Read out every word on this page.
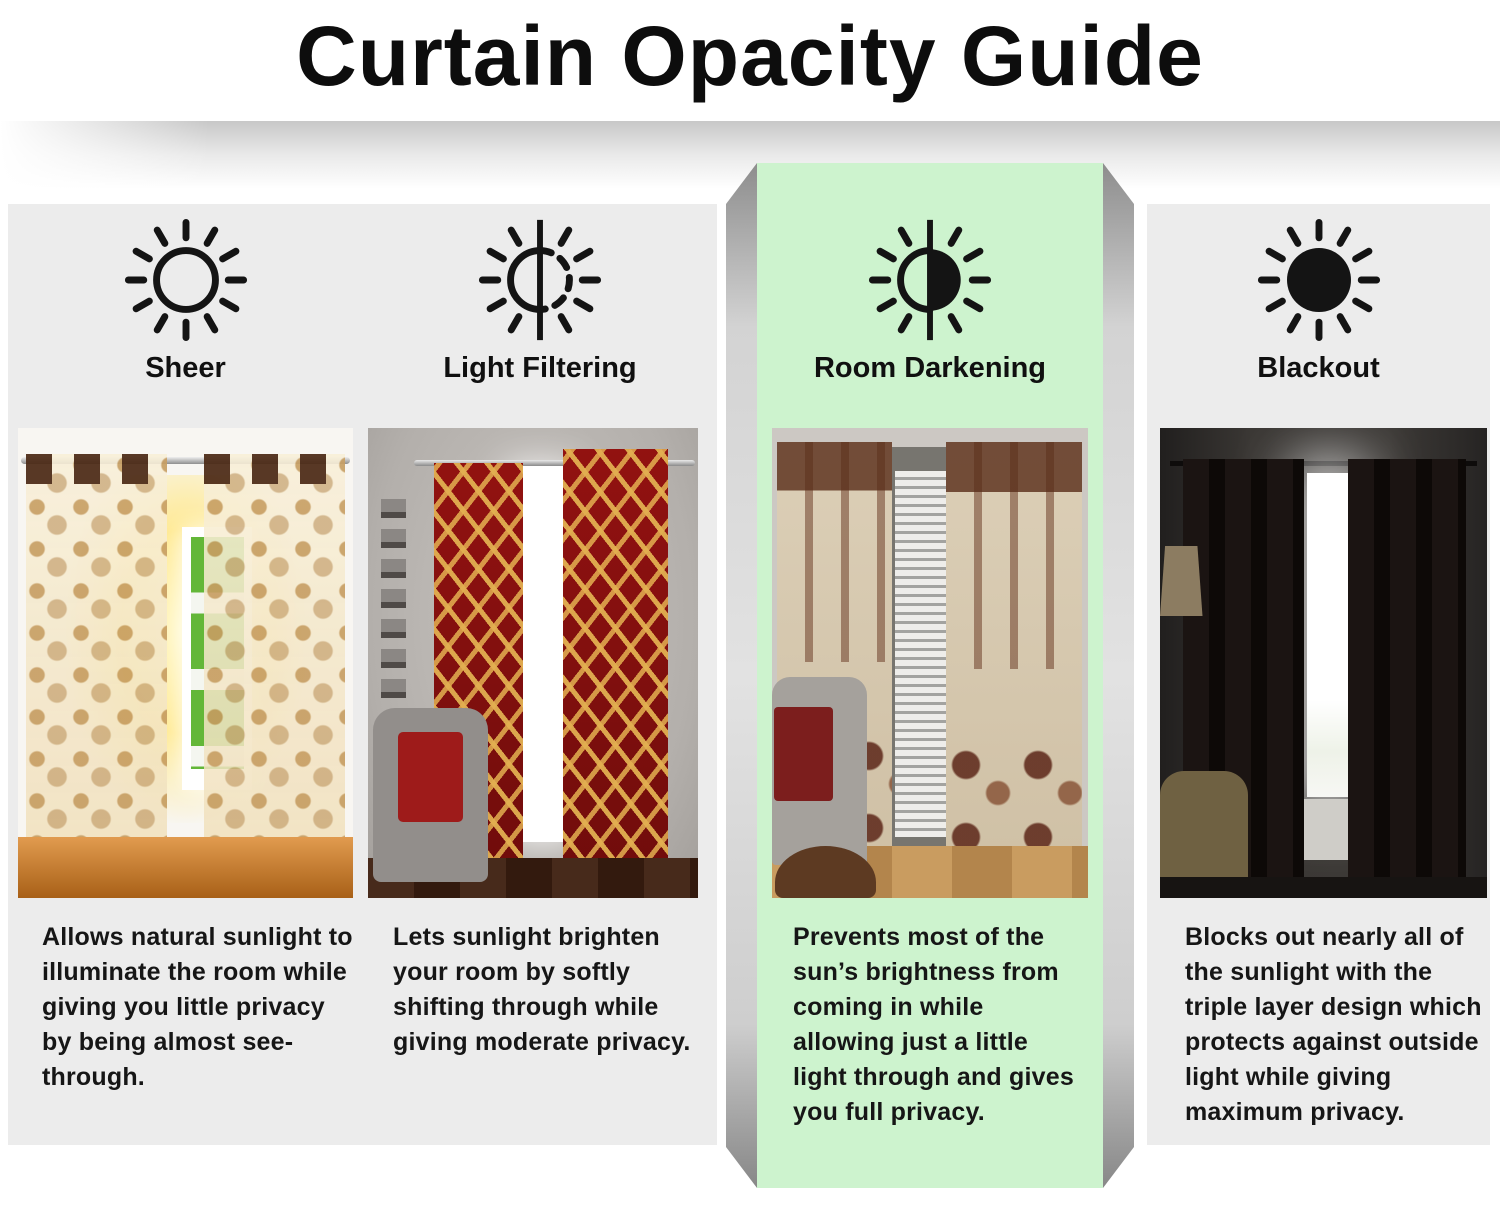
Curtain Opacity Guide
Sheer

Allows natural sunlight to illuminate the room while giving you little privacy by being almost see-through.

Light Filtering

Lets sunlight brighten your room by softly shifting through while giving moderate privacy.

Room Darkening

Prevents most of the sun’s brightness from coming in while allowing just a little light through and gives you full privacy.

Blackout

Blocks out nearly all of the sunlight with the triple layer design which protects against outside light while giving maximum privacy.
